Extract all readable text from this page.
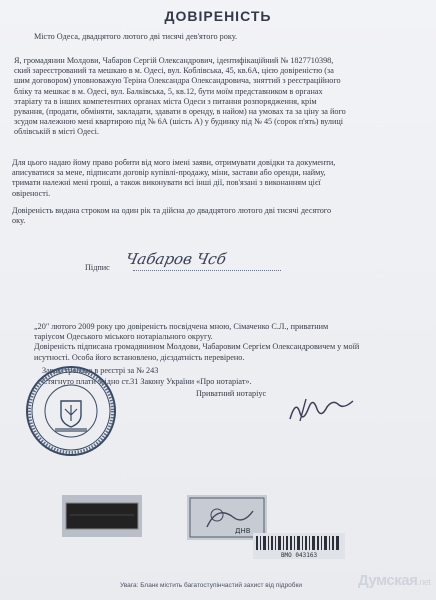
ДОВІРЕНІСТЬ
Місто Одеса, двадцятого лютого дві тисячі дев'ятого року.
Я, громадянин Молдови, Чабаров Сергій Олександрович, ідентифікаційний № 1827710398,
ский зареєстрований та мешкаю в м. Одесі, вул. Коблівська, 45, кв.6А, цією довіреністю (за
шим договором) уповноважую Теріна Олександра Олександровича, зняттий з реєстраційного
бліку та мешкає в м. Одесі, вул. Балківська, 5, кв.12, бути моїм представником в органах
этаріату та в інших компетентних органах міста Одеси з питання розпорядження, крім
рування, (продати, обміняти, закладати, здавати в оренду, в найом) на умовах та за ціну за його
зсудом належною мені квартирою під № 6А (шість А) у будинку під № 45 (сорок п'ять) вулиці
облівській в місті Одесі.
Для цього надаю йому право робити від мого імені заяви, отримувати довідки та документи,
аписуватися за мене, підписати договір купівлі-продажу, міни, застави або оренди, найму,
тримати належні мені гроші, а також виконувати всі інші дії, пов'язані з виконанням цієї
овіреності.
Довіреність видана строком на один рік та дійсна до двадцятого лютого дві тисячі десятого
оку.
Підпис Чабаров Чсб
„20" лютого 2009 року цю довіреність посвідчена мною, Сімаченко С.Л., приватним
таріусом Одеського міського нотаріального округу.
Довіреність підписана громадянином Молдови, Чабаровим Сергієм Олександровичем у моїй
исутності. Особа його встановлено, дієздатність перевірено.
Зареєстровано в реєстрі за № 243
Стягнуто плати згідно ст.31 Закону України «Про нотаріат».
Приватний нотаріус
ДНВ
ВМО 043163
Увага: Бланк містить багатоступінчастий захист від підробки	Думская.net
